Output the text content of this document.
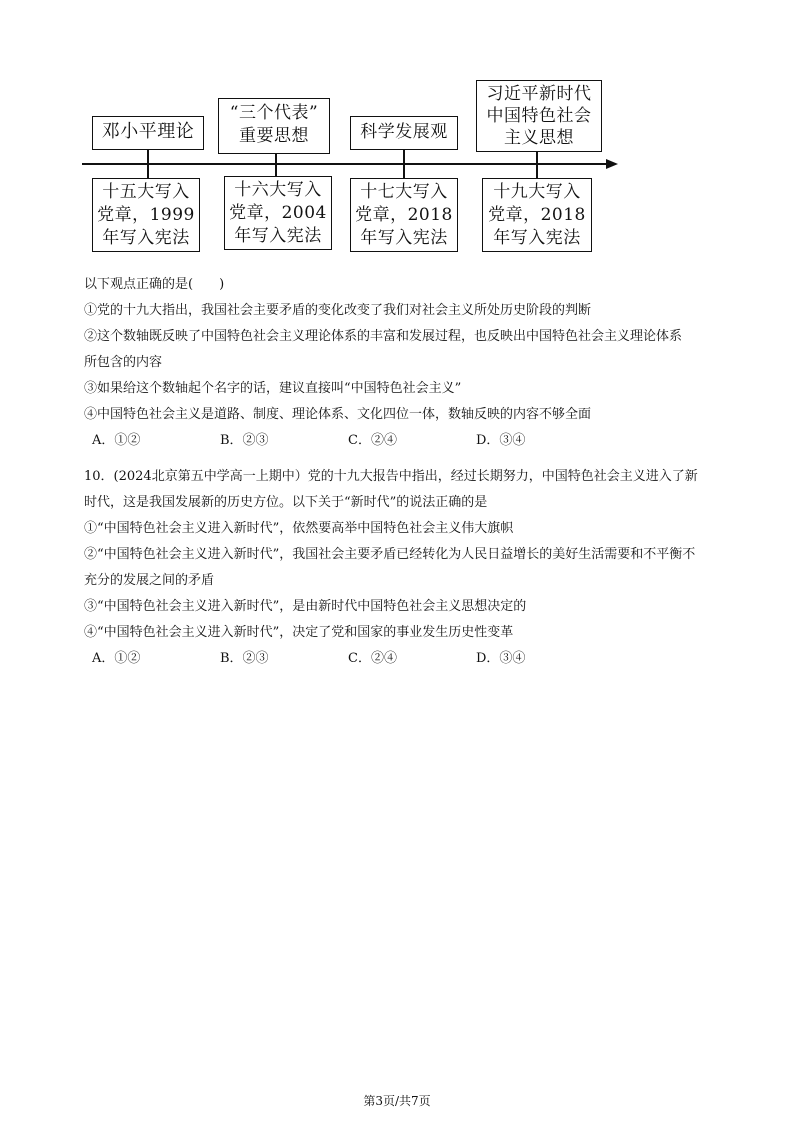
邓小平理论
“三个代表”
重要思想	科学发展观
习近平新时代
中国特色社会
主义思想
十五大写入
党章，1999
年写入宪法
十六大写入
党章，2004
年写入宪法
十七大写入
党章，2018
年写入宪法
十九大写入
党章，2018
年写入宪法
以下观点正确的是(　　)
①党的十九大指出，我国社会主要矛盾的变化改变了我们对社会主义所处历史阶段的判断
②这个数轴既反映了中国特色社会主义理论体系的丰富和发展过程，也反映出中国特色社会主义理论体系
所包含的内容
③如果给这个数轴起个名字的话，建议直接叫“中国特色社会主义”
④中国特色社会主义是道路、制度、理论体系、文化四位一体，数轴反映的内容不够全面
A．①②	B．②③	C．②④	D．③④
10．(2024北京第五中学高一上期中）党的十九大报告中指出，经过长期努力，中国特色社会主义进入了新
时代，这是我国发展新的历史方位。以下关于“新时代”的说法正确的是
①“中国特色社会主义进入新时代”，依然要高举中国特色社会主义伟大旗帜
②“中国特色社会主义进入新时代”，我国社会主要矛盾已经转化为人民日益增长的美好生活需要和不平衡不
充分的发展之间的矛盾
③“中国特色社会主义进入新时代”，是由新时代中国特色社会主义思想决定的
④“中国特色社会主义进入新时代”，决定了党和国家的事业发生历史性变革
A．①②	B．②③	C．②④	D．③④
第3页/共7页
